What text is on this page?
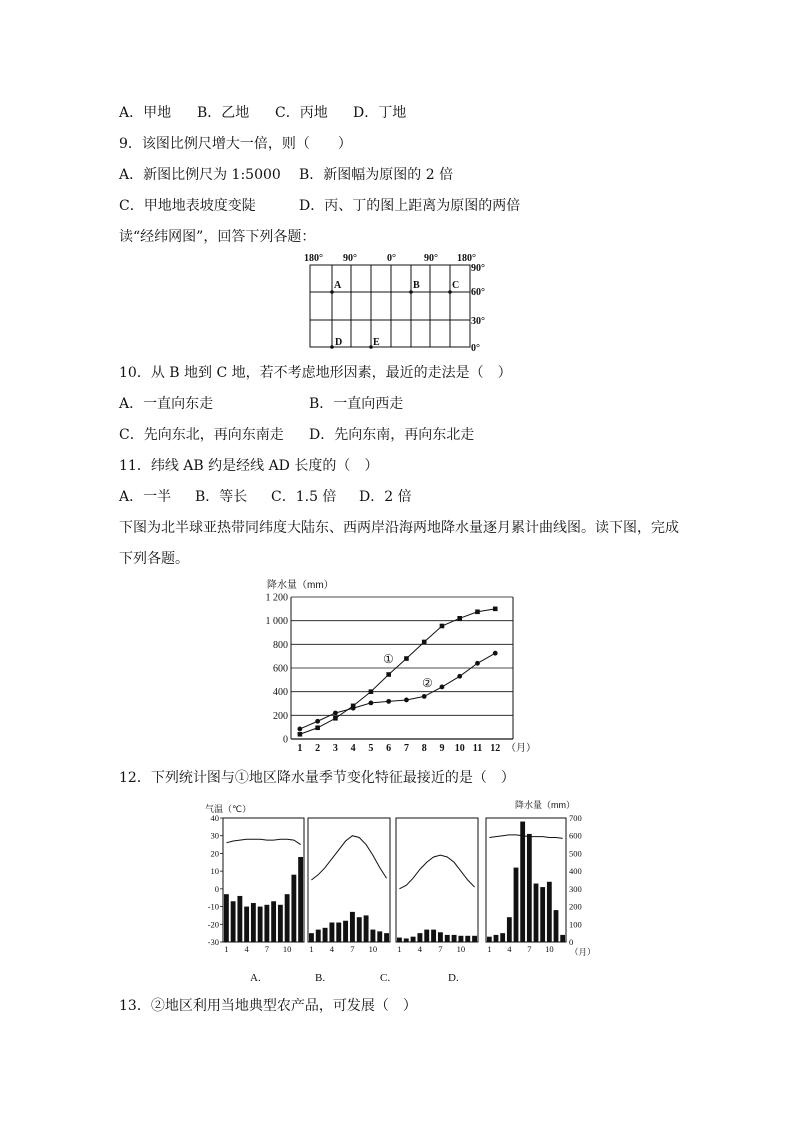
A．甲地 B．乙地 C．丙地 D．丁地
9．该图比例尺增大一倍，则（　　）
A．新图比例尺为 1:5000 B．新图幅为原图的 2 倍
C．甲地地表坡度变陡	D．丙、丁的图上距离为原图的两倍
读“经纬网图”，回答下列各题：
180° 90°	0°	90° 180°
90°
60°
30°
0°
A	B	C
D	E
10．从 B 地到 C 地，若不考虑地形因素，最近的走法是（　）
A．一直向东走	B．一直向西走
C．先向东北，再向东南走 D．先向东南，再向东北走
11．纬线 AB 约是经线 AD 长度的（　）
A．一半 B．等长 C．1.5 倍 D．2 倍
下图为北半球亚热带同纬度大陆东、西两岸沿海两地降水量逐月累计曲线图。读下图，完成
下列各题。
降水量（mm）
0
200
400
600
800
1 000
1 200
1 2 3 4 5 6 7 8 9 10 11 12 （月）
①
②
12．下列统计图与①地区降水量季节变化特征最接近的是（　）
气温（℃）	降水量（mm）
40
30
20
10
0
-10
-20
-30
700
600
500
400
300
200
100
0
1 4 7 10 1 4 7 10 1 4 7 10	1 4 7 10 （月）
A.	B.	C.	D.
13．②地区利用当地典型农产品，可发展（　）
